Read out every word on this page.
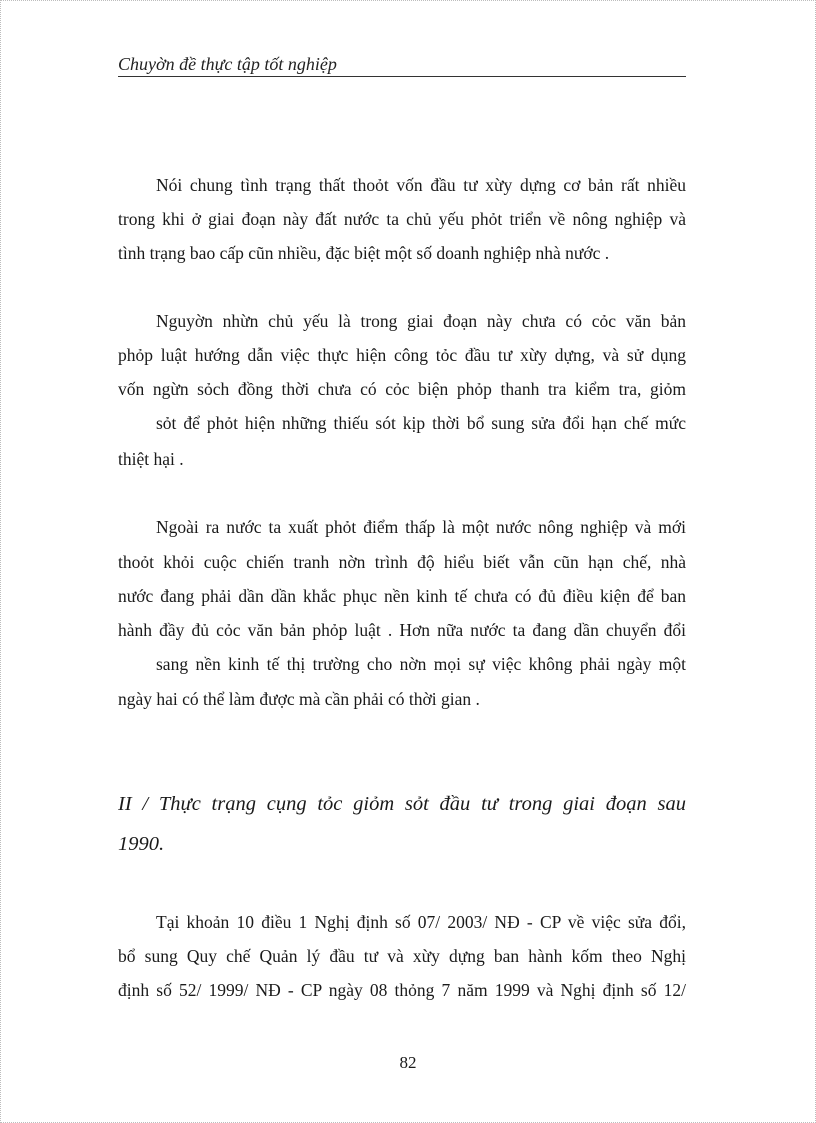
Chuyờn đề thực tập tốt nghiệp
Nói chung tình trạng thất thoỏt vốn đầu tư xừy dựng cơ bản rất nhiều
trong khi ở giai đoạn này đất nước ta chủ yếu phỏt triển về nông nghiệp và
tình trạng bao cấp cũn nhiều, đặc biệt một số doanh nghiệp nhà nước .
Nguyờn nhừn chủ yếu là trong giai đoạn này chưa có cỏc văn bản
phỏp luật hướng dẫn việc thực hiện công tỏc đầu tư xừy dựng, và sử dụng
vốn ngừn sỏch đồng thời chưa có cỏc biện phỏp thanh tra kiểm tra, giỏm
sỏt để phỏt hiện những thiếu sót kịp thời bổ sung sửa đổi hạn chế mức
thiệt hại .
Ngoài ra nước ta xuất phỏt điểm thấp là một nước nông nghiệp và mới
thoỏt khỏi cuộc chiến tranh nờn trình độ hiểu biết vẫn cũn hạn chế, nhà
nước đang phải dần dần khắc phục nền kinh tế chưa có đủ điều kiện để ban
hành đầy đủ cỏc văn bản phỏp luật . Hơn nữa nước ta đang dần chuyển đổi
sang nền kinh tế thị trường cho nờn mọi sự việc không phải ngày một
ngày hai có thể làm được mà cần phải có thời gian .
II / Thực trạng cụng tỏc giỏm sỏt đầu tư trong giai đoạn sau
1990.
Tại khoản 10 điều 1 Nghị định số 07/ 2003/ NĐ - CP về việc sửa đổi,
bổ sung Quy chế Quản lý đầu tư và xừy dựng ban hành kốm theo Nghị
định số 52/ 1999/ NĐ - CP ngày 08 thỏng 7 năm 1999 và Nghị định số 12/
82
